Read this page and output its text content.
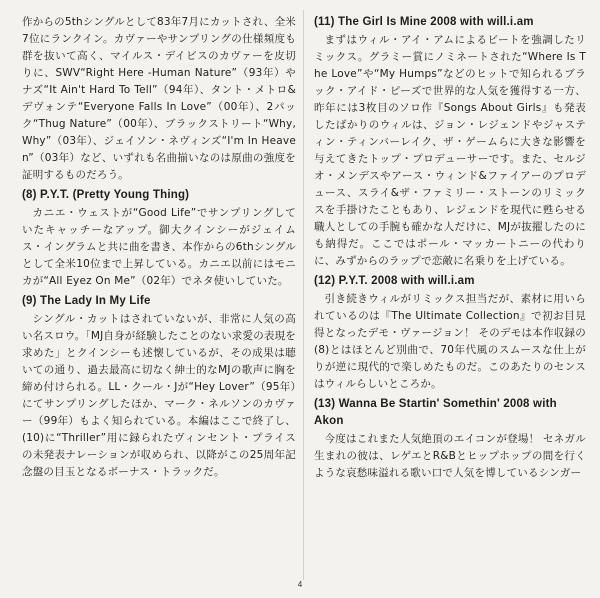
作からの5thシングルとして83年7月にカットされ、全米7位にランクイン。カヴァーやサンプリングの仕様頻度も群を抜いて高く、マイルス・デイビスのカヴァーを皮切りに、SWV“Right Here -Human Nature”（93年）やナズ“It Ain't Hard To Tell”（94年）、タント・メトロ&デヴォンテ“Everyone Falls In Love”（00年）、2パック“Thug Nature”（00年）、ブラックストリート“Why, Why”（03年）、ジェイソン・ネヴィンズ“I'm In Heaven”（03年）など、いずれも名曲揃いなのは原曲の強度を証明するものだろう。

(8) P.Y.T. (Pretty Young Thing)

カニエ・ウェストが“Good Life”でサンプリングしていたキャッチーなアップ。御大クインシーがジェイムス・イングラムと共に曲を書き、本作からの6thシングルとして全米10位まで上昇している。カニエ以前にはモニカが“All Eyez On Me”（02年）でネタ使いしていた。

(9) The Lady In My Life

シングル・カットはされていないが、非常に人気の高い名スロウ。「MJ自身が経験したことのない求愛の表現を求めた」とクインシーも述懐しているが、その成果は聴いての通り、過去最高に切なく紳士的なMJの歌声に胸を締め付けられる。LL・クール・Jが“Hey Lover”（95年）にてサンプリングしたほか、マーク・ネルソンのカヴァー（99年）もよく知られている。本編はここで終了し、(10)に“Thriller”用に録られたヴィンセント・プライスの未発表ナレーションが収められ、以降がこの25周年記念盤の目玉となるボーナス・トラックだ。

(11) The Girl Is Mine 2008 with will.i.am

まずはウィル・アイ・アムによるビートを強調したリミックス。グラミー賞にノミネートされた“Where Is The Love”や“My Humps”などのヒットで知られるブラック・アイド・ピーズで世界的な人気を獲得する一方、昨年には3枚目のソロ作『Songs About Girls』も発表したばかりのウィルは、ジョン・レジェンドやジャスティン・ティンバーレイク、ザ・ゲームらに大きな影響を与えてきたトップ・プロデューサーです。また、セルジオ・メンデスやアース・ウィンド&ファイアーのプロデュース、スライ&ザ・ファミリー・ストーンのリミックスを手掛けたこともあり、レジェンドを現代に甦らせる職人としての手腕も確かな人だけに、MJが抜擢したのにも納得だ。ここではポール・マッカートニーの代わりに、みずからのラップで恋敵に名乗りを上げている。

(12) P.Y.T. 2008 with will.i.am

引き続きウィルがリミックス担当だが、素材に用いられているのは『The Ultimate Collection』で初お目見得となったデモ・ヴァージョン！ そのデモは本作収録の(8)とはほとんど別曲で、70年代風のスムースな仕上がりが逆に現代的で楽しめたものだ。このあたりのセンスはウィルらしいところか。

(13) Wanna Be Startin' Somethin' 2008 with Akon

今度はこれまた人気絶頂のエイコンが登場！ セネガル生まれの彼は、レゲエとR&Bとヒップホップの間を行くような哀愁味溢れる歌い口で人気を博しているシンガー

4
